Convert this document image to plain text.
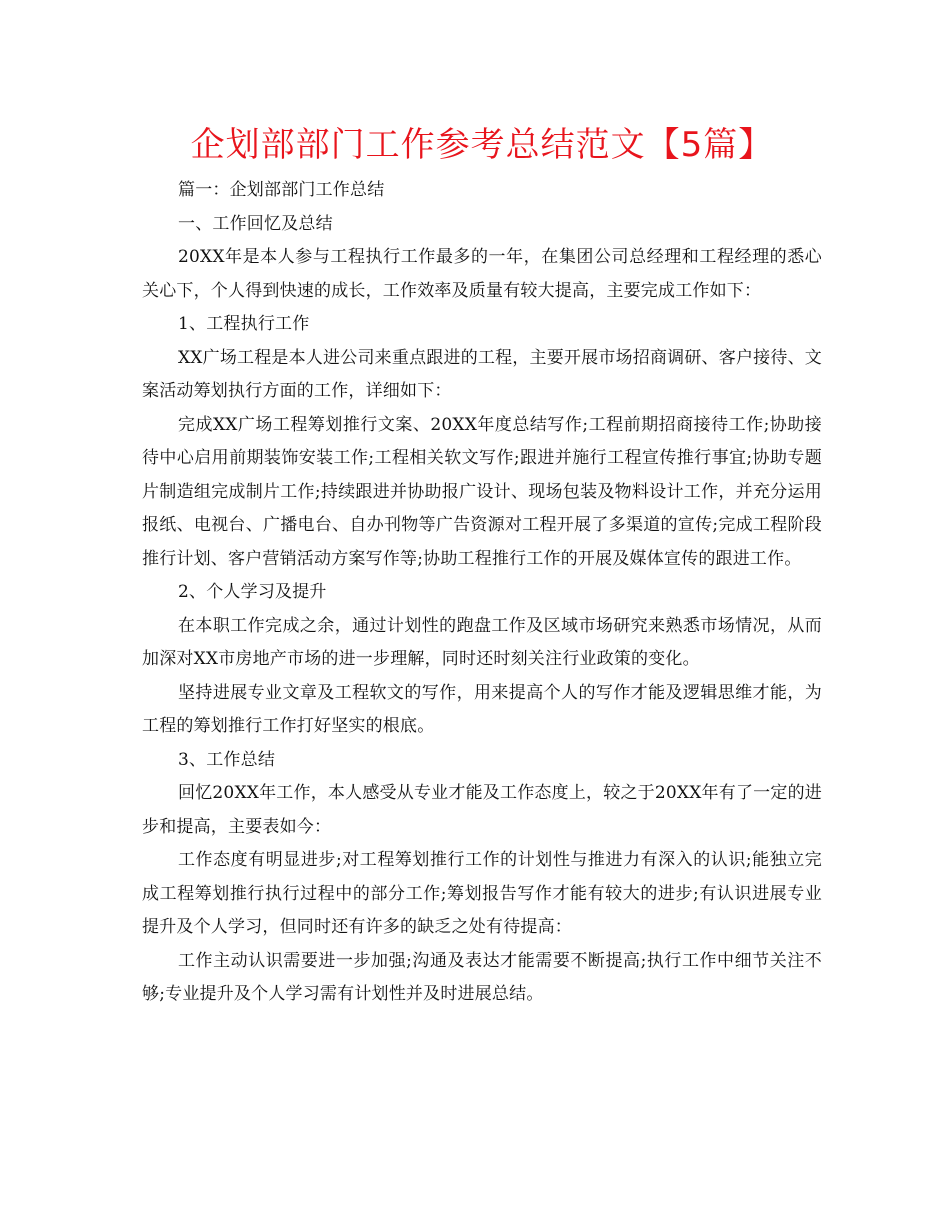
企划部部门工作参考总结范文【5篇】

篇一：企划部部门工作总结

一、工作回忆及总结

20XX年是本人参与工程执行工作最多的一年，在集团公司总经理和工程经理的悉心关心下，个人得到快速的成长，工作效率及质量有较大提高，主要完成工作如下：

1、工程执行工作

XX广场工程是本人进公司来重点跟进的工程，主要开展市场招商调研、客户接待、文案活动筹划执行方面的工作，详细如下：

完成XX广场工程筹划推行文案、20XX年度总结写作;工程前期招商接待工作;协助接待中心启用前期装饰安装工作;工程相关软文写作;跟进并施行工程宣传推行事宜;协助专题片制造组完成制片工作;持续跟进并协助报广设计、现场包装及物料设计工作，并充分运用报纸、电视台、广播电台、自办刊物等广告资源对工程开展了多渠道的宣传;完成工程阶段推行计划、客户营销活动方案写作等;协助工程推行工作的开展及媒体宣传的跟进工作。

2、个人学习及提升

在本职工作完成之余，通过计划性的跑盘工作及区域市场研究来熟悉市场情况，从而加深对XX市房地产市场的进一步理解，同时还时刻关注行业政策的变化。

坚持进展专业文章及工程软文的写作，用来提高个人的写作才能及逻辑思维才能，为工程的筹划推行工作打好坚实的根底。

3、工作总结

回忆20XX年工作，本人感受从专业才能及工作态度上，较之于20XX年有了一定的进步和提高，主要表如今：

工作态度有明显进步;对工程筹划推行工作的计划性与推进力有深入的认识;能独立完成工程筹划推行执行过程中的部分工作;筹划报告写作才能有较大的进步;有认识进展专业提升及个人学习，但同时还有许多的缺乏之处有待提高：

工作主动认识需要进一步加强;沟通及表达才能需要不断提高;执行工作中细节关注不够;专业提升及个人学习需有计划性并及时进展总结。
